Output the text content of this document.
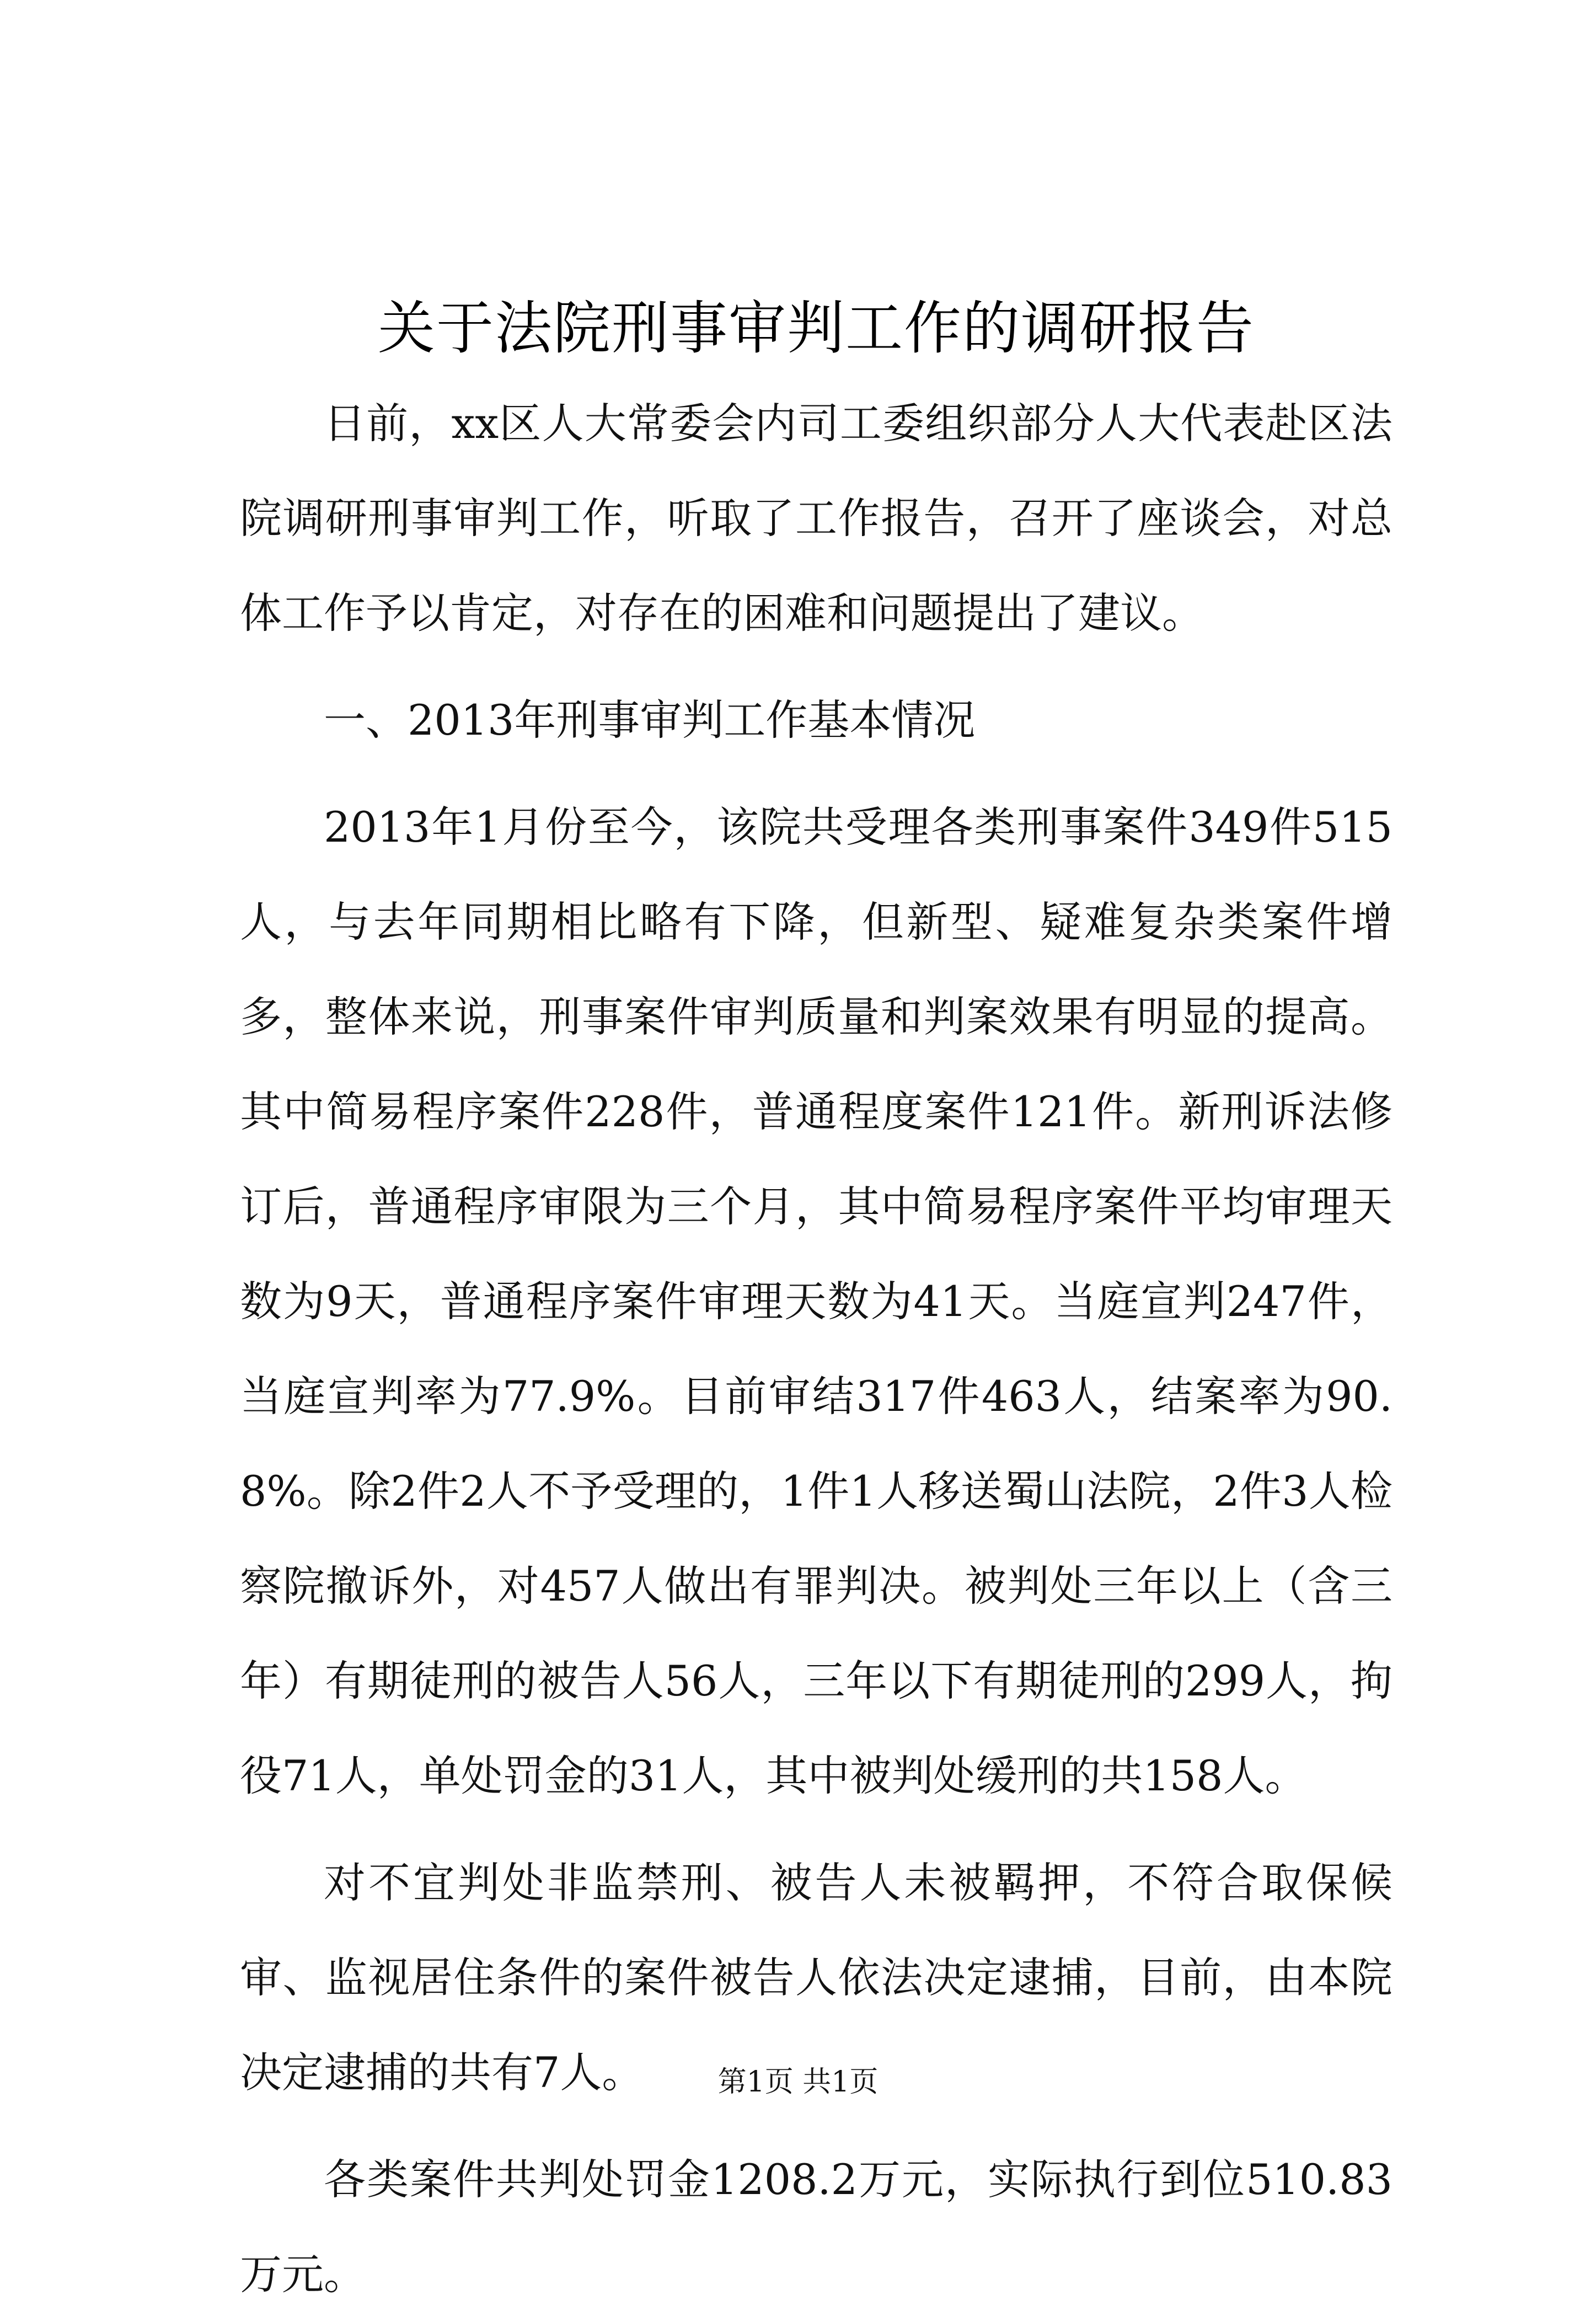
关于法院刑事审判工作的调研报告

日前，xx区人大常委会内司工委组织部分人大代表赴区法院调研刑事审判工作，听取了工作报告，召开了座谈会，对总体工作予以肯定，对存在的困难和问题提出了建议。

一、2013年刑事审判工作基本情况

2013年1月份至今，该院共受理各类刑事案件349件515人，与去年同期相比略有下降，但新型、疑难复杂类案件增多，整体来说，刑事案件审判质量和判案效果有明显的提高。其中简易程序案件228件，普通程度案件121件。新刑诉法修订后，普通程序审限为三个月，其中简易程序案件平均审理天数为9天，普通程序案件审理天数为41天。当庭宣判247件，当庭宣判率为77.9%。目前审结317件463人，结案率为90.8%。除2件2人不予受理的，1件1人移送蜀山法院，2件3人检察院撤诉外，对457人做出有罪判决。被判处三年以上（含三年）有期徒刑的被告人56人，三年以下有期徒刑的299人，拘役71人，单处罚金的31人，其中被判处缓刑的共158人。

对不宜判处非监禁刑、被告人未被羁押，不符合取保候审、监视居住条件的案件被告人依法决定逮捕，目前，由本院决定逮捕的共有7人。

各类案件共判处罚金1208.2万元，实际执行到位510.83万元。

第1页 共1页
